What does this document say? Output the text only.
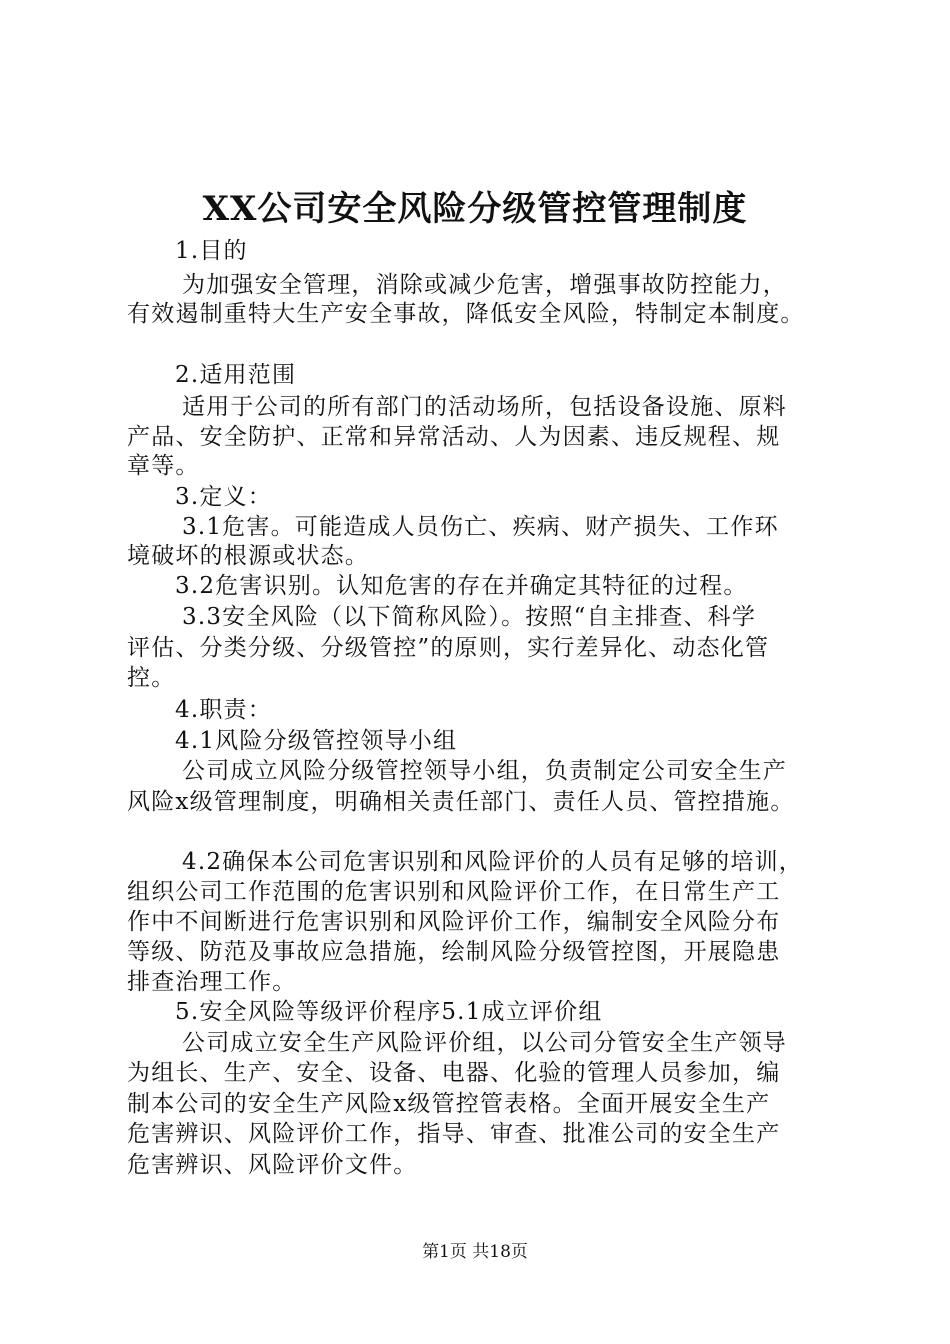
XX公司安全风险分级管控管理制度
1.目的
为加强安全管理，消除或减少危害，增强事故防控能力，
有效遏制重特大生产安全事故，降低安全风险，特制定本制度。
2.适用范围
适用于公司的所有部门的活动场所，包括设备设施、原料
产品、安全防护、正常和异常活动、人为因素、违反规程、规
章等。
3.定义：
3.1危害。可能造成人员伤亡、疾病、财产损失、工作环
境破坏的根源或状态。
3.2危害识别。认知危害的存在并确定其特征的过程。
3.3安全风险（以下简称风险）。按照“自主排查、科学
评估、分类分级、分级管控”的原则，实行差异化、动态化管
控。
4.职责：
4.1风险分级管控领导小组
公司成立风险分级管控领导小组，负责制定公司安全生产
风险x级管理制度，明确相关责任部门、责任人员、管控措施。
4.2确保本公司危害识别和风险评价的人员有足够的培训，
组织公司工作范围的危害识别和风险评价工作，在日常生产工
作中不间断进行危害识别和风险评价工作，编制安全风险分布
等级、防范及事故应急措施，绘制风险分级管控图，开展隐患
排查治理工作。
5.安全风险等级评价程序5.1成立评价组
公司成立安全生产风险评价组，以公司分管安全生产领导
为组长、生产、安全、设备、电器、化验的管理人员参加，编
制本公司的安全生产风险x级管控管表格。全面开展安全生产
危害辨识、风险评价工作，指导、审查、批准公司的安全生产
危害辨识、风险评价文件。
第1页 共18页
